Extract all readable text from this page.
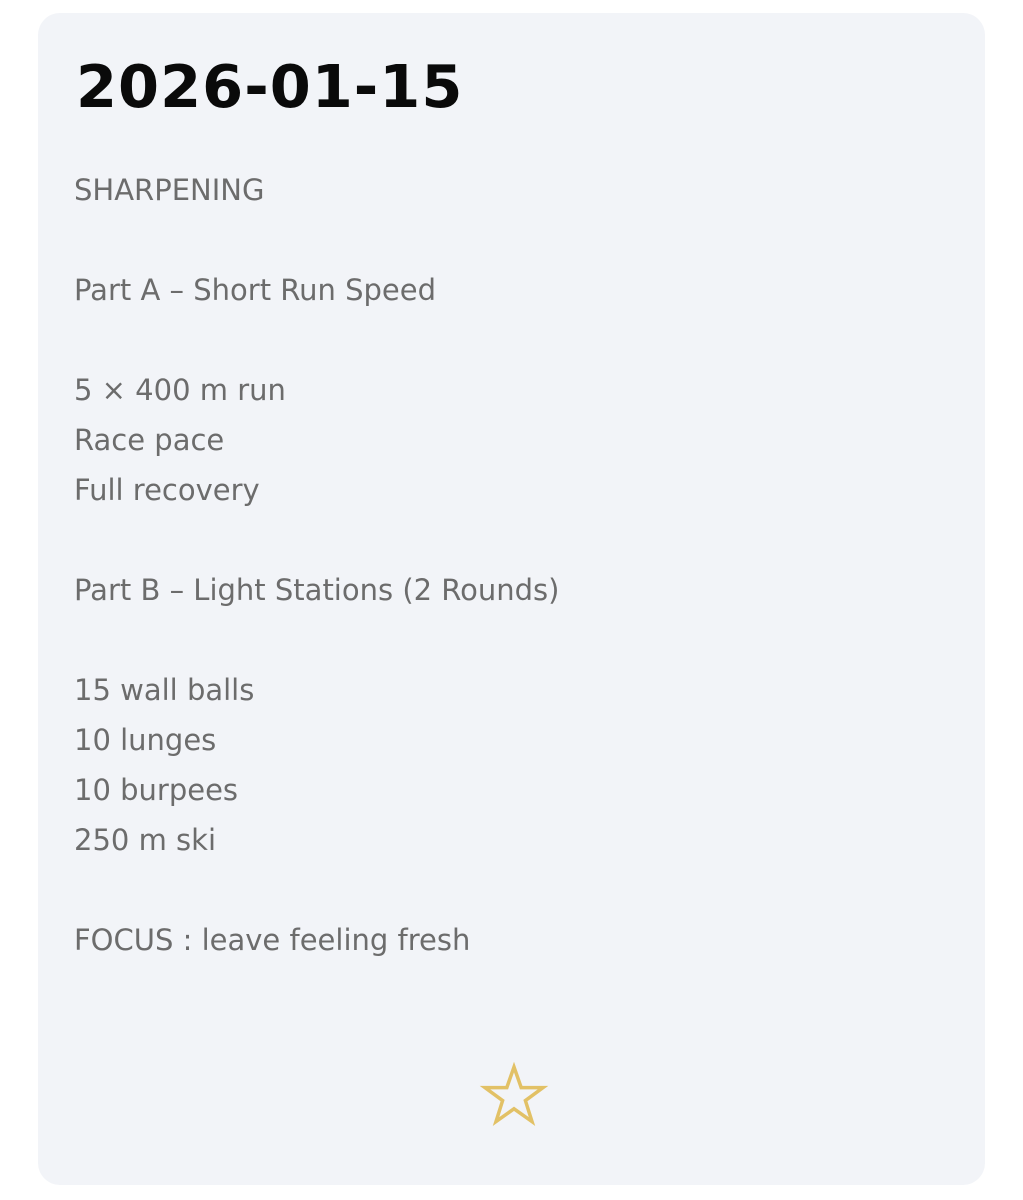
2026-01-15
SHARPENING
Part A – Short Run Speed
5 × 400 m run
Race pace
Full recovery
Part B – Light Stations (2 Rounds)
15 wall balls
10 lunges
10 burpees
250 m ski
FOCUS : leave feeling fresh
